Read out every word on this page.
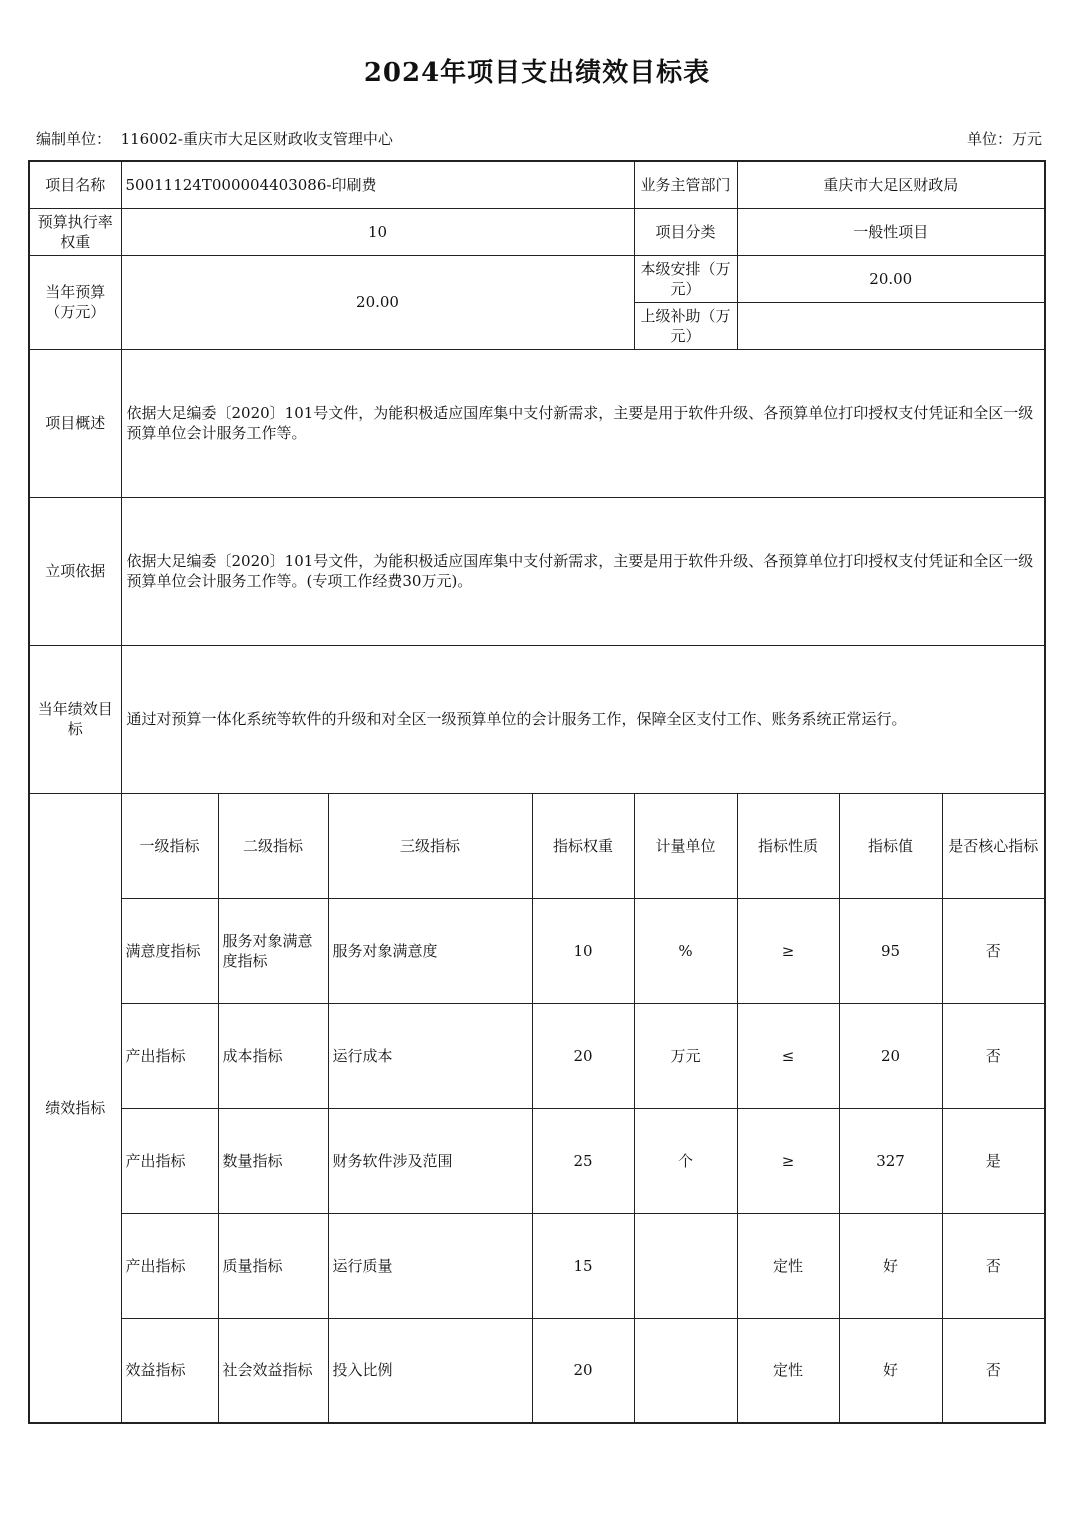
2024年项目支出绩效目标表
编制单位： 116002-重庆市大足区财政收支管理中心	单位：万元
项目名称	50011124T000004403086-印刷费				业务主管部门	重庆市大足区财政局		
预算执行率权重	10				项目分类	一般性项目		
当年预算（万元）	20.00				本级安排（万元）	20.00		
					上级补助（万元）			
项目概述	依据大足编委〔2020〕101号文件，为能积极适应国库集中支付新需求，主要是用于软件升级、各预算单位打印授权支付凭证和全区一级预算单位会计服务工作等。							
立项依据	依据大足编委〔2020〕101号文件，为能积极适应国库集中支付新需求，主要是用于软件升级、各预算单位打印授权支付凭证和全区一级预算单位会计服务工作等。(专项工作经费30万元)。							
当年绩效目标	通过对预算一体化系统等软件的升级和对全区一级预算单位的会计服务工作，保障全区支付工作、账务系统正常运行。							
绩效指标	一级指标	二级指标	三级指标	指标权重	计量单位	指标性质	指标值	是否核心指标
	满意度指标	服务对象满意度指标	服务对象满意度	10	%	≥	95	否
	产出指标	成本指标	运行成本	20	万元	≤	20	否
	产出指标	数量指标	财务软件涉及范围	25	个	≥	327	是
	产出指标	质量指标	运行质量	15		定性	好	否
	效益指标	社会效益指标	投入比例	20		定性	好	否
